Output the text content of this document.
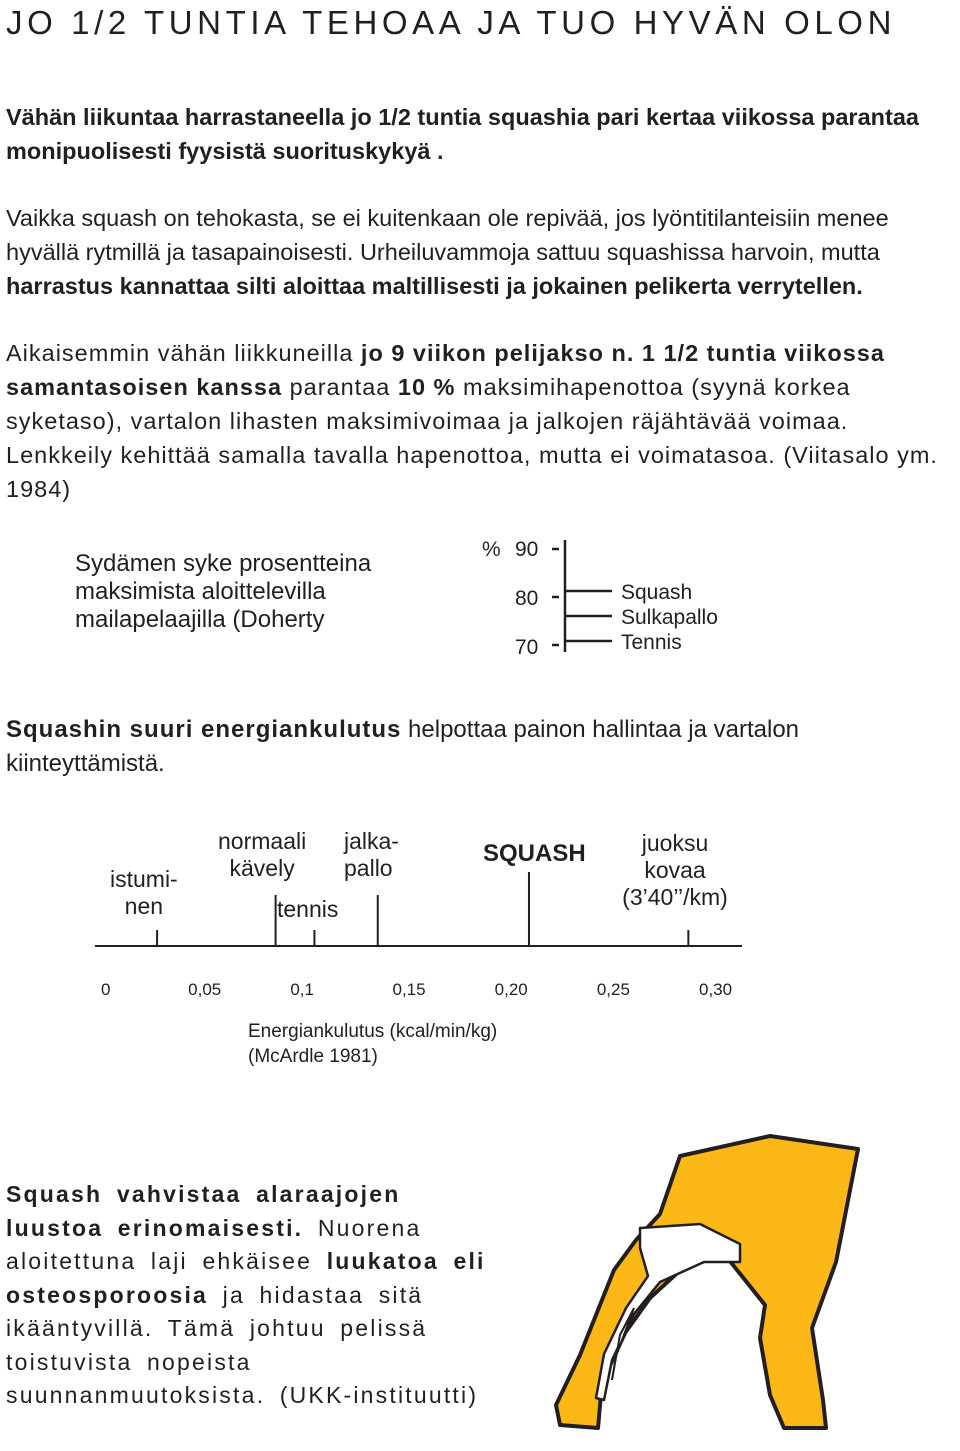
JO 1/2 TUNTIA TEHOAA JA TUO HYVÄN OLON

Vähän liikuntaa harrastaneella jo 1/2 tuntia squashia pari kertaa viikossa parantaa monipuolisesti fyysistä suorituskykyä .

Vaikka squash on tehokasta, se ei kuitenkaan ole repivää, jos lyöntitilanteisiin menee hyvällä rytmillä ja tasapainoisesti. Urheiluvammoja sattuu squashissa harvoin, mutta harrastus kannattaa silti aloittaa maltillisesti ja jokainen pelikerta verrytellen.

Aikaisemmin vähän liikkuneilla jo 9 viikon pelijakso n. 1 1/2 tuntia viikossa samantasoisen kanssa parantaa 10 % maksimihapenottoa (syynä korkea syketaso), vartalon lihasten maksimivoimaa ja jalkojen räjähtävää voimaa. Lenkkeily kehittää samalla tavalla hapenottoa, mutta ei voimatasoa. (Viitasalo ym. 1984)

Sydämen syke prosentteina
maksimista aloittelevilla
mailapelaajilla (Doherty
% 90
80
70
Squash
Sulkapallo
Tennis

Squashin suuri energiankulutus helpottaa painon hallintaa ja vartalon kiinteyttämistä.

istumi-
nen
normaali
kävely
tennis
jalka-
pallo
SQUASH	juoksu
kovaa
(3’40’’/km)
0	0,05	0,1	0,15	0,20	0,25	0,30
Energiankulutus (kcal/min/kg)
(McArdle 1981)

Squash vahvistaa alaraajojen luustoa erinomaisesti. Nuorena aloitettuna laji ehkäisee luukatoa eli osteosporoosia ja hidastaa sitä ikääntyvillä. Tämä johtuu pelissä toistuvista nopeista suunnanmuutoksista. (UKK-instituutti)
